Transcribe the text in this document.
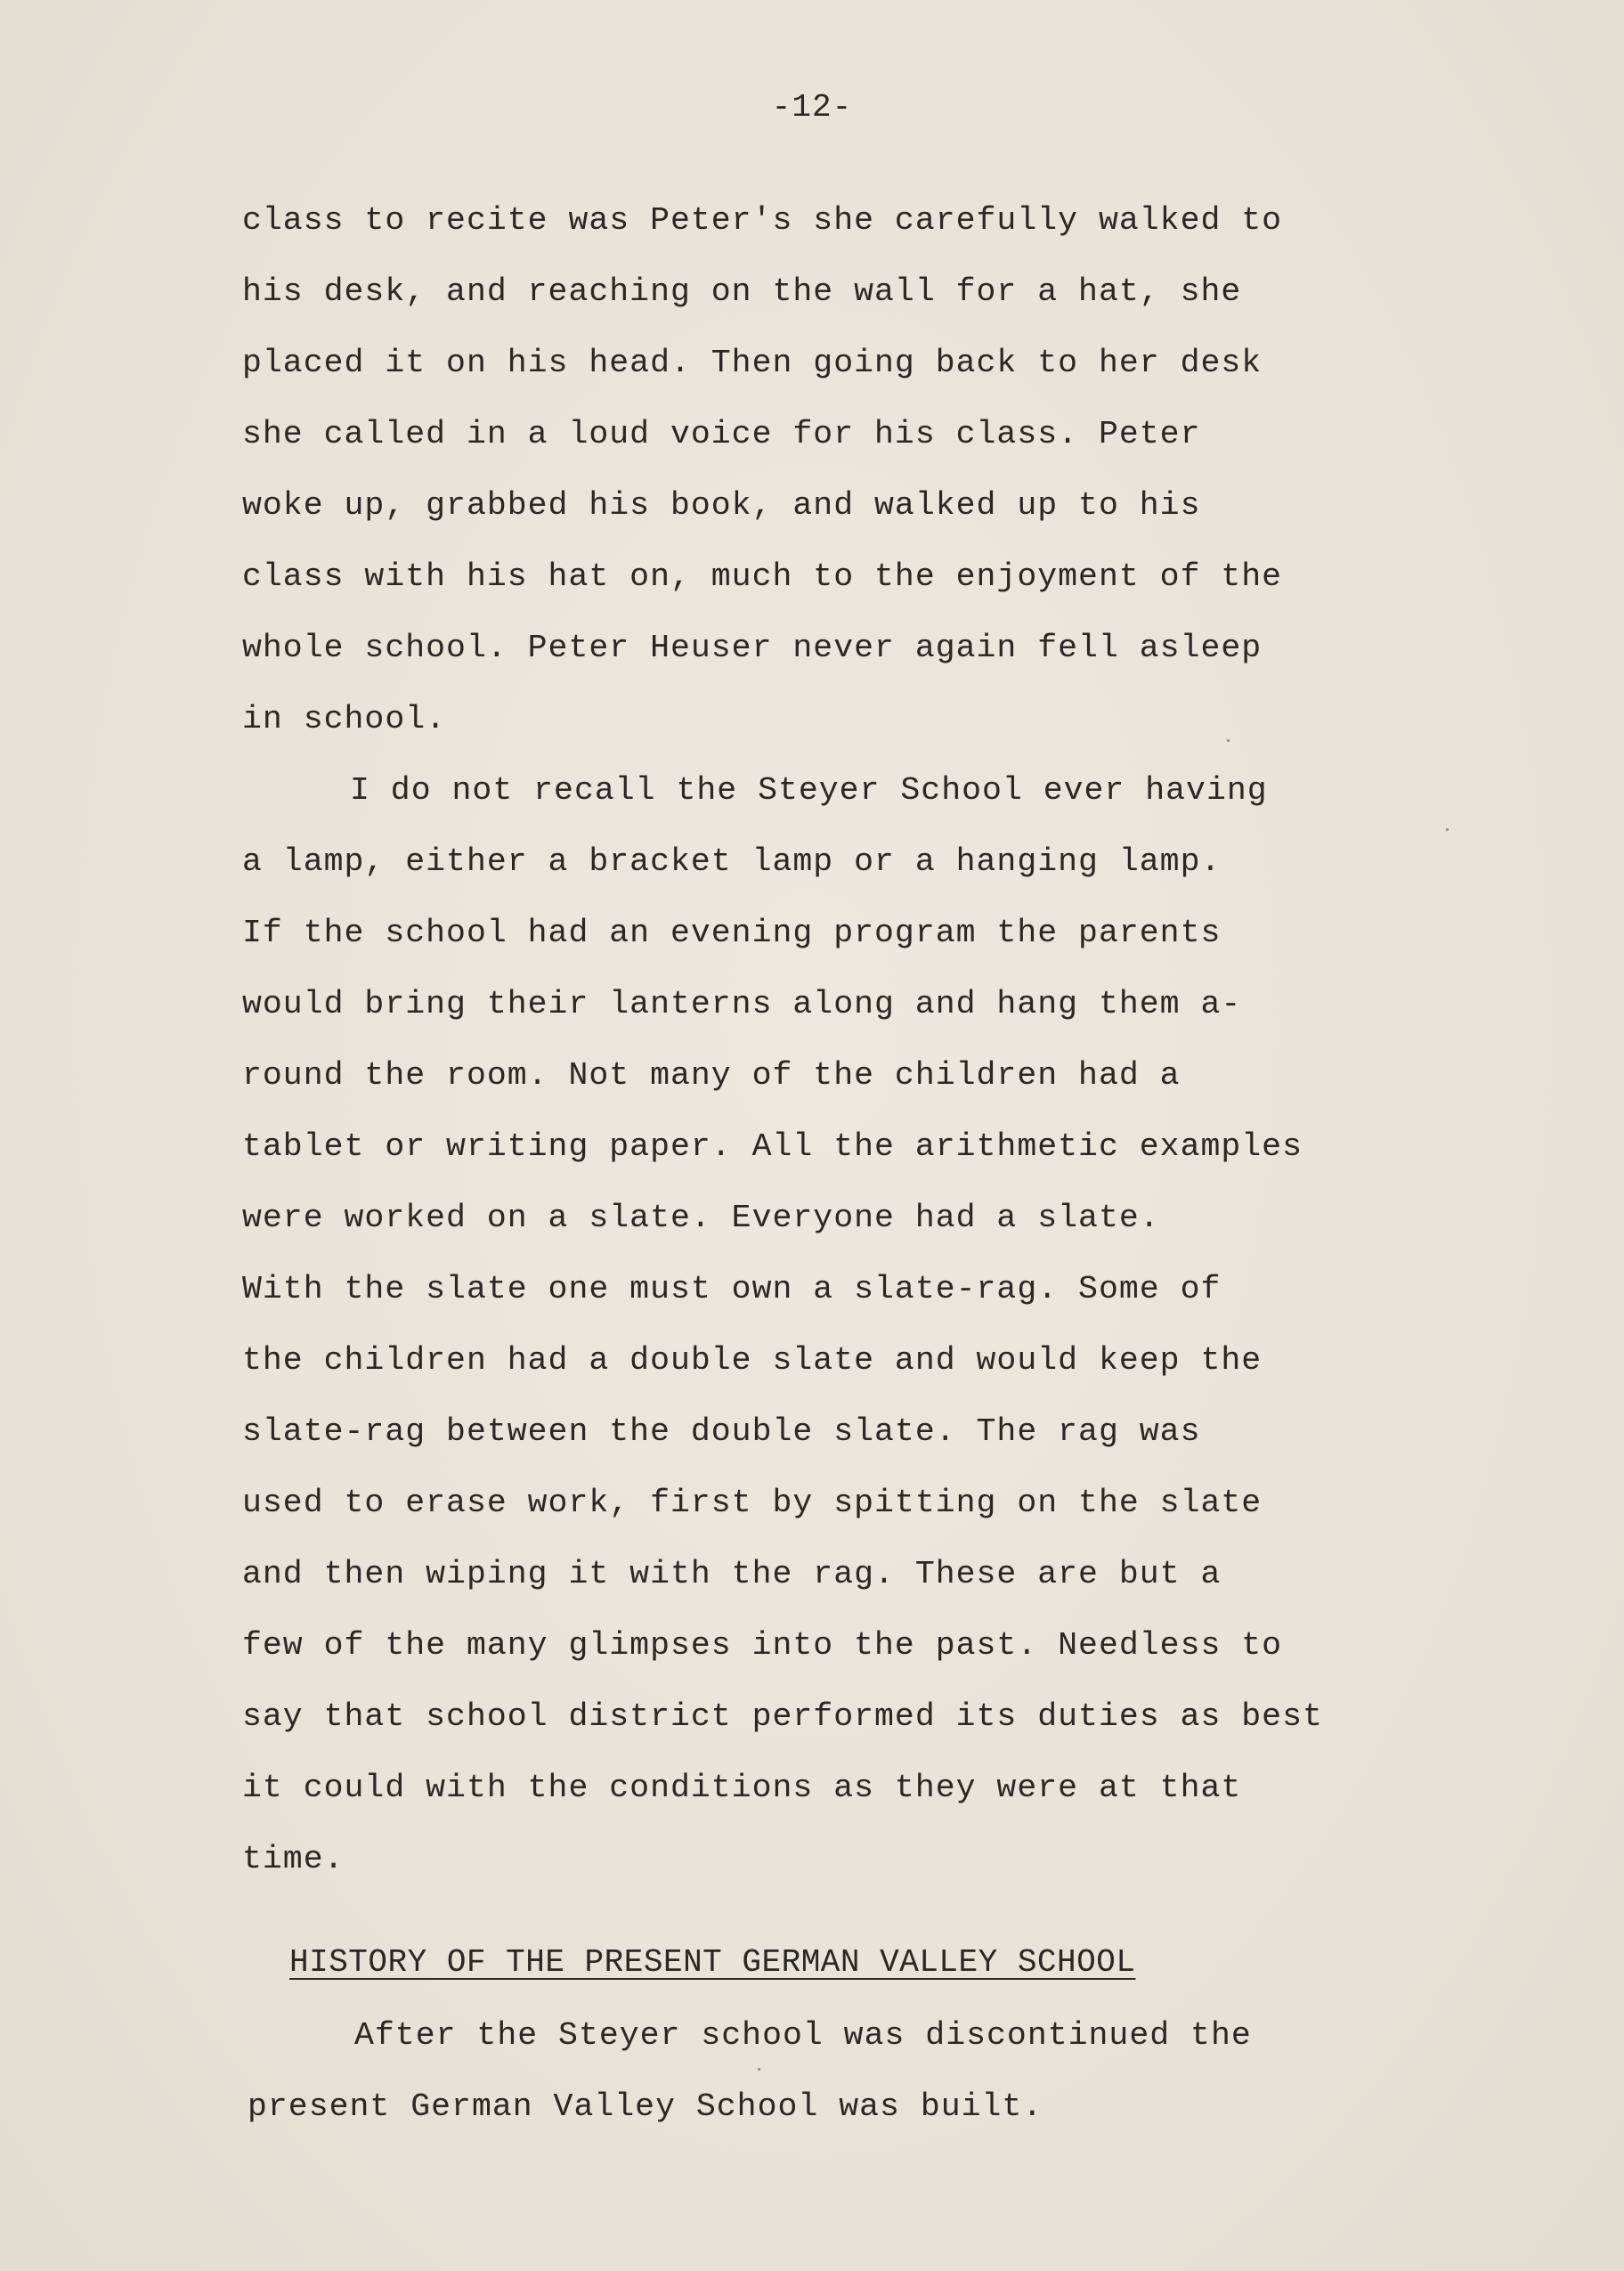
-12-
class to recite was Peter's she carefully walked to
his desk, and reaching on the wall for a hat, she
placed it on his head. Then going back to her desk
she called in a loud voice for his class. Peter
woke up, grabbed his book, and walked up to his
class with his hat on, much to the enjoyment of the
whole school. Peter Heuser never again fell asleep
in school.
I do not recall the Steyer School ever having
a lamp, either a bracket lamp or a hanging lamp.
If the school had an evening program the parents
would bring their lanterns along and hang them a-
round the room. Not many of the children had a
tablet or writing paper. All the arithmetic examples
were worked on a slate. Everyone had a slate.
With the slate one must own a slate-rag. Some of
the children had a double slate and would keep the
slate-rag between the double slate. The rag was
used to erase work, first by spitting on the slate
and then wiping it with the rag. These are but a
few of the many glimpses into the past. Needless to
say that school district performed its duties as best
it could with the conditions as they were at that
time.
HISTORY OF THE PRESENT GERMAN VALLEY SCHOOL
After the Steyer school was discontinued the
present German Valley School was built.
